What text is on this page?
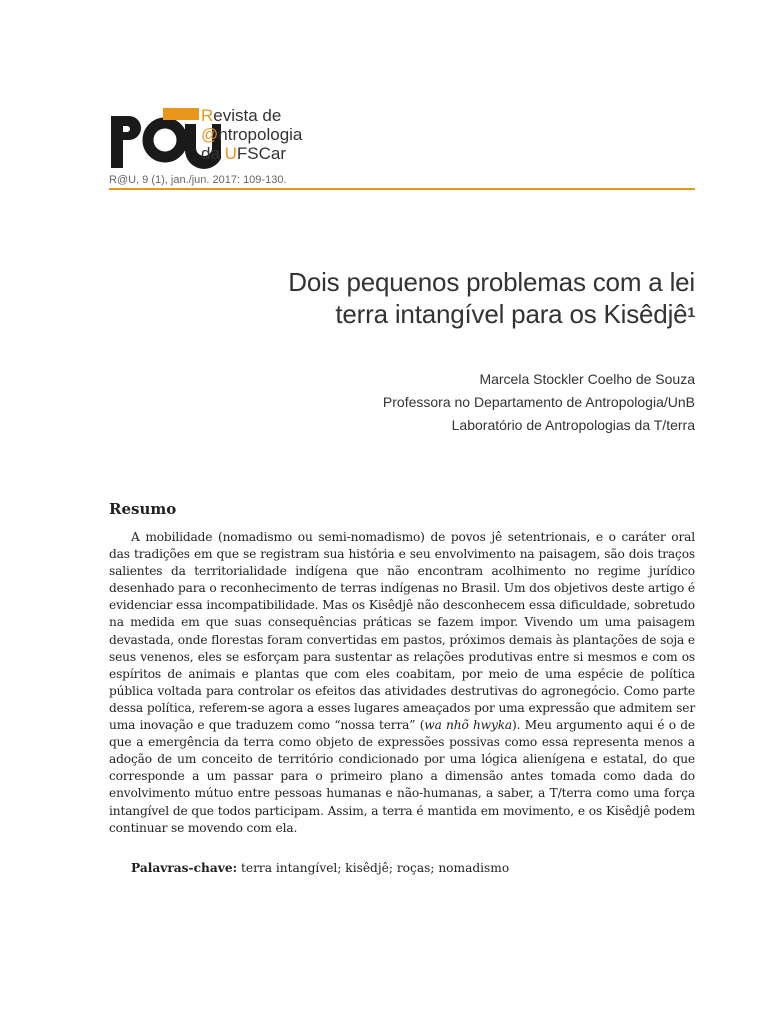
Revista de
@ntropologia
da UFSCar
R@U, 9 (1), jan./jun. 2017: 109-130.
Dois pequenos problemas com a lei
terra intangível para os Kisêdjê$^1$
Marcela Stockler Coelho de Souza
Professora no Departamento de Antropologia/UnB
Laboratório de Antropologias da T/terra
Resumo

A mobilidade (nomadismo ou semi-nomadismo) de povos jê setentrionais, e o caráter oral das tradições em que se registram sua história e seu envolvimento na paisagem, são dois traços salientes da territorialidade indígena que não encontram acolhimento no regime jurídico desenhado para o reconhecimento de terras indígenas no Brasil. Um dos objetivos deste artigo é evidenciar essa incompatibilidade. Mas os Kisêdjê não desconhecem essa dificuldade, sobretudo na medida em que suas consequências práticas se fazem impor. Vivendo um uma paisagem devastada, onde florestas foram convertidas em pastos, próximos demais às plantações de soja e seus venenos, eles se esforçam para sustentar as relações produtivas entre si mesmos e com os espíritos de animais e plantas que com eles coabitam, por meio de uma espécie de política pública voltada para controlar os efeitos das atividades destrutivas do agronegócio. Como parte dessa política, referem-se agora a esses lugares ameaçados por uma expressão que admitem ser uma inovação e que traduzem como “nossa terra” (wa nhõ hwyka). Meu argumento aqui é o de que a emergência da terra como objeto de expressões possivas como essa representa menos a adoção de um conceito de território condicionado por uma lógica alienígena e estatal, do que corresponde a um passar para o primeiro plano a dimensão antes tomada como dada do envolvimento mútuo entre pessoas humanas e não-humanas, a saber, a T/terra como uma força intangível de que todos participam. Assim, a terra é mantida em movimento, e os Kisêdjê podem continuar se movendo com ela.

Palavras-chave: terra intangível; kisêdjê; roças; nomadismo
